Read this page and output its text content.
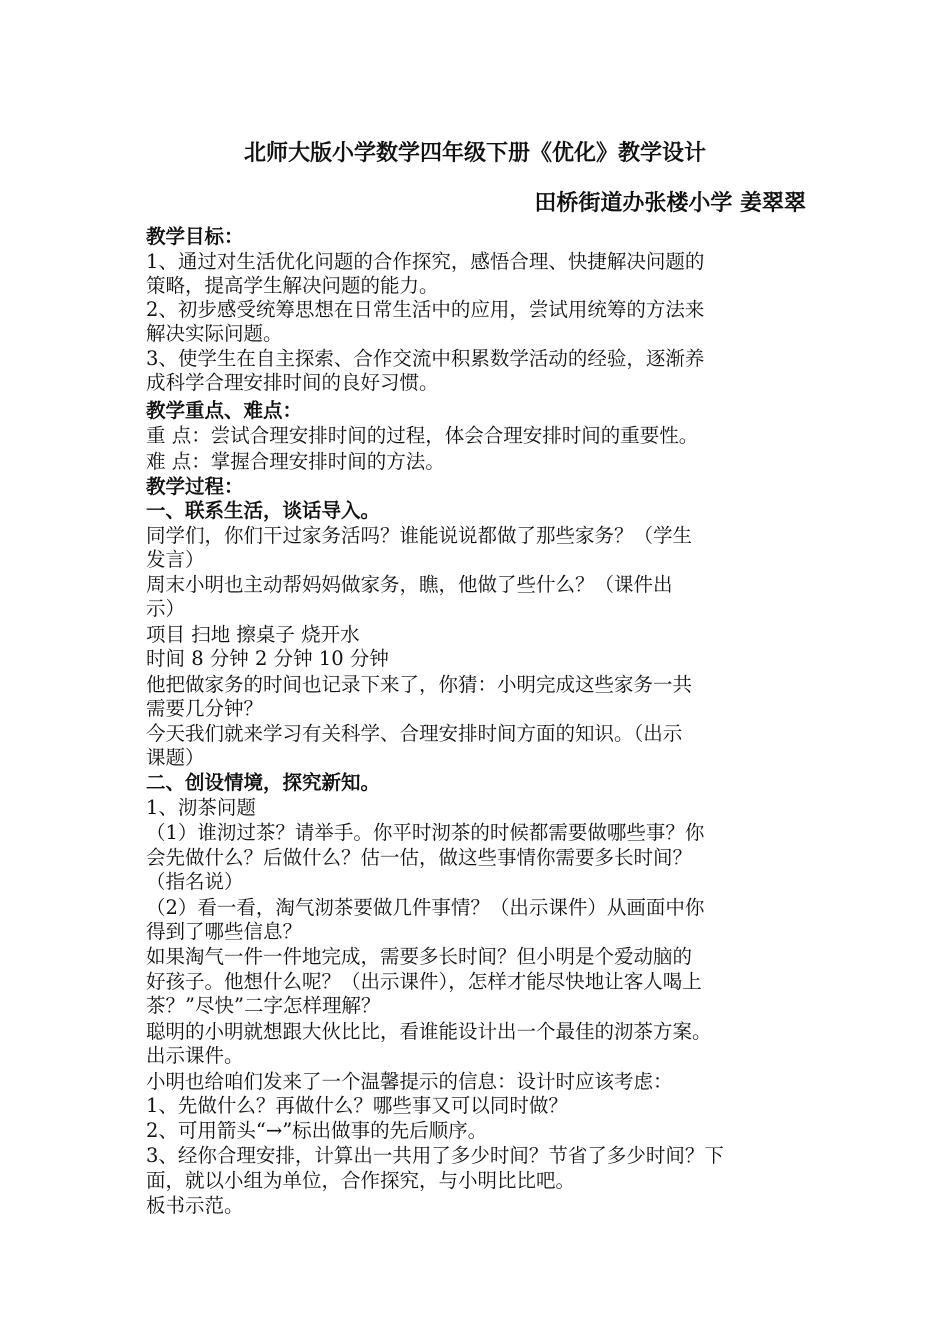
北师大版小学数学四年级下册《优化》教学设计
田桥街道办张楼小学 姜翠翠
教学目标：
1、通过对生活优化问题的合作探究，感悟合理、快捷解决问题的
策略，提高学生解决问题的能力。
2、初步感受统筹思想在日常生活中的应用，尝试用统筹的方法来
解决实际问题。
3、使学生在自主探索、合作交流中积累数学活动的经验，逐渐养
成科学合理安排时间的良好习惯。
教学重点、难点：
重 点：尝试合理安排时间的过程，体会合理安排时间的重要性。
难 点：掌握合理安排时间的方法。
教学过程：
一、联系生活，谈话导入。
同学们，你们干过家务活吗？谁能说说都做了那些家务？（学生
发言）
周末小明也主动帮妈妈做家务，瞧，他做了些什么？（课件出
示）
项目 扫地 擦桌子 烧开水
时间 8 分钟 2 分钟 10 分钟
他把做家务的时间也记录下来了，你猜：小明完成这些家务一共
需要几分钟？
今天我们就来学习有关科学、合理安排时间方面的知识。（出示
课题）
二、创设情境，探究新知。
1、沏茶问题
（1）谁沏过茶？请举手。你平时沏茶的时候都需要做哪些事？你
会先做什么？后做什么？估一估，做这些事情你需要多长时间？
（指名说）
（2）看一看，淘气沏茶要做几件事情？（出示课件）从画面中你
得到了哪些信息？
如果淘气一件一件地完成，需要多长时间？但小明是个爱动脑的
好孩子。他想什么呢？（出示课件），怎样才能尽快地让客人喝上
茶？”尽快”二字怎样理解？
聪明的小明就想跟大伙比比，看谁能设计出一个最佳的沏茶方案。
出示课件。
小明也给咱们发来了一个温馨提示的信息：设计时应该考虑：
1、先做什么？再做什么？哪些事又可以同时做？
2、可用箭头“→”标出做事的先后顺序。
3、经你合理安排，计算出一共用了多少时间？节省了多少时间？下
面，就以小组为单位，合作探究，与小明比比吧。
板书示范。
